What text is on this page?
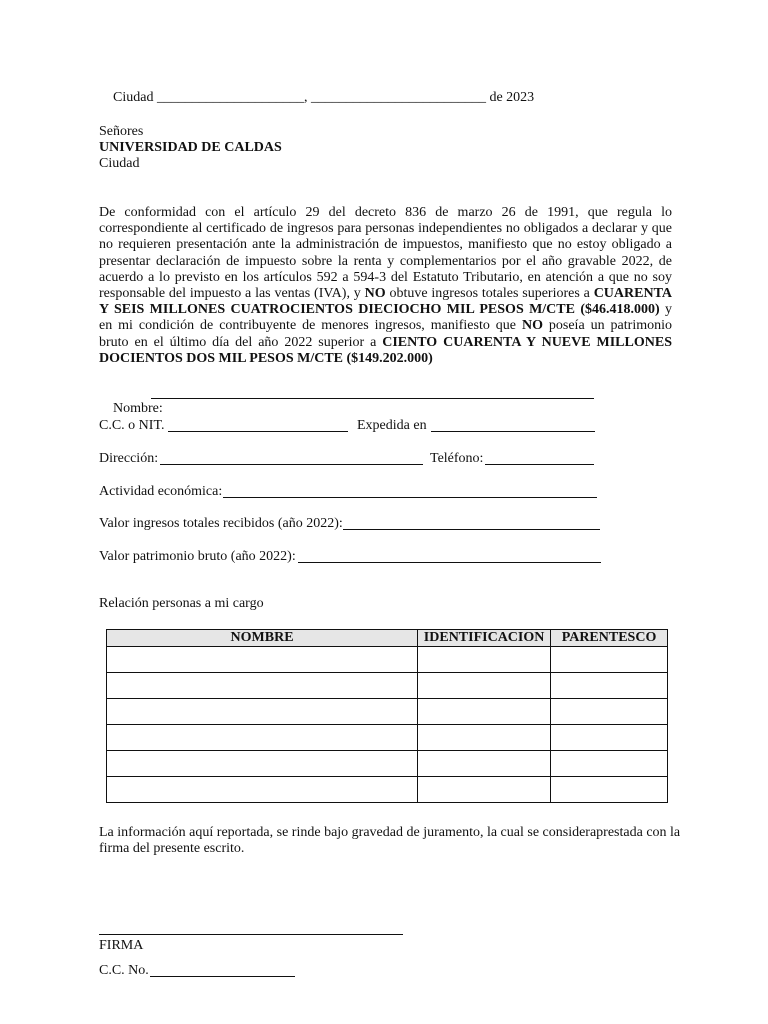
Ciudad _____________________, _________________________ de 2023

Señores
UNIVERSIDAD DE CALDAS
Ciudad
De conformidad con el artículo 29 del decreto 836 de marzo 26 de 1991, que regula lo correspondiente al certificado de ingresos para personas independientes no obligados a declarar y que no requieren presentación ante la administración de impuestos, manifiesto que no estoy obligado a presentar declaración de impuesto sobre la renta y complementarios por el año gravable 2022, de acuerdo a lo previsto en los artículos 592 a 594-3 del Estatuto Tributario, en atención a que no soy responsable del impuesto a las ventas (IVA), y NO obtuve ingresos totales superiores a CUARENTA Y SEIS MILLONES CUATROCIENTOS DIECIOCHO MIL PESOS M/CTE ($46.418.000) y en mi condición de contribuyente de menores ingresos, manifiesto que NO poseía un patrimonio bruto en el último día del año 2022 superior a CIENTO CUARENTA Y NUEVE MILLONES DOCIENTOS DOS MIL PESOS M/CTE ($149.202.000)

Nombre:

C.C. o NIT.	Expedida en
Dirección:	Teléfono:
Actividad económica:
Valor ingresos totales recibidos (año 2022):
Valor patrimonio bruto (año 2022):
Relación personas a mi cargo
NOMBRE	IDENTIFICACION	PARENTESCO

La información aquí reportada, se rinde bajo gravedad de juramento, la cual se consideraprestada con la
firma del presente escrito.
FIRMA
C.C. No.
